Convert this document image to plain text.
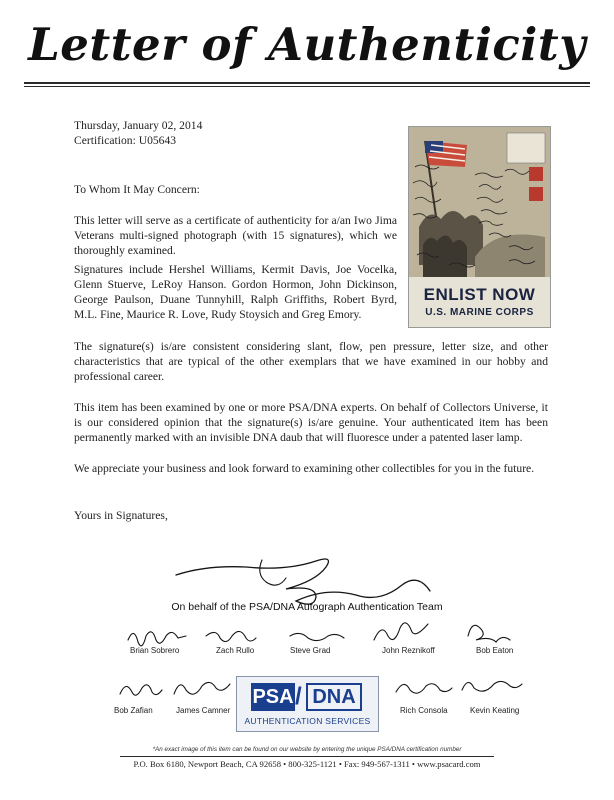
Letter of Authenticity
Thursday, January 02, 2014
Certification: U05643
ENLIST NOW
U.S. MARINE CORPS
To Whom It May Concern:
This letter will serve as a certificate of authenticity for a/an Iwo Jima Veterans multi-signed photograph (with 15 signatures), which we thoroughly examined.
Signatures include Hershel Williams, Kermit Davis, Joe Vocelka, Glenn Stuerve, LeRoy Hanson. Gordon Hormon, John Dickinson, George Paulson, Duane Tunnyhill, Ralph Griffiths, Robert Byrd, M.L. Fine, Maurice R. Love, Rudy Stoysich and Greg Emory.
The signature(s) is/are consistent considering slant, flow, pen pressure, letter size, and other characteristics that are typical of the other exemplars that we have examined in our hobby and professional career.
This item has been examined by one or more PSA/DNA experts. On behalf of Collectors Universe, it is our considered opinion that the signature(s) is/are genuine. Your authenticated item has been permanently marked with an invisible DNA daub that will fluoresce under a patented laser lamp.
We appreciate your business and look forward to examining other collectibles for you in the future.
Yours in Signatures,
On behalf of the PSA/DNA Autograph Authentication Team
Brian Sobrero	Zach Rullo	Steve Grad	John Reznikoff	Bob Eaton
Bob Zafian	James Camner	Rich Consola	Kevin Keating
PSA / DNA
AUTHENTICATION SERVICES
*An exact image of this item can be found on our website by entering the unique PSA/DNA certification number
P.O. Box 6180, Newport Beach, CA 92658 • 800-325-1121 • Fax: 949-567-1311 • www.psacard.com
